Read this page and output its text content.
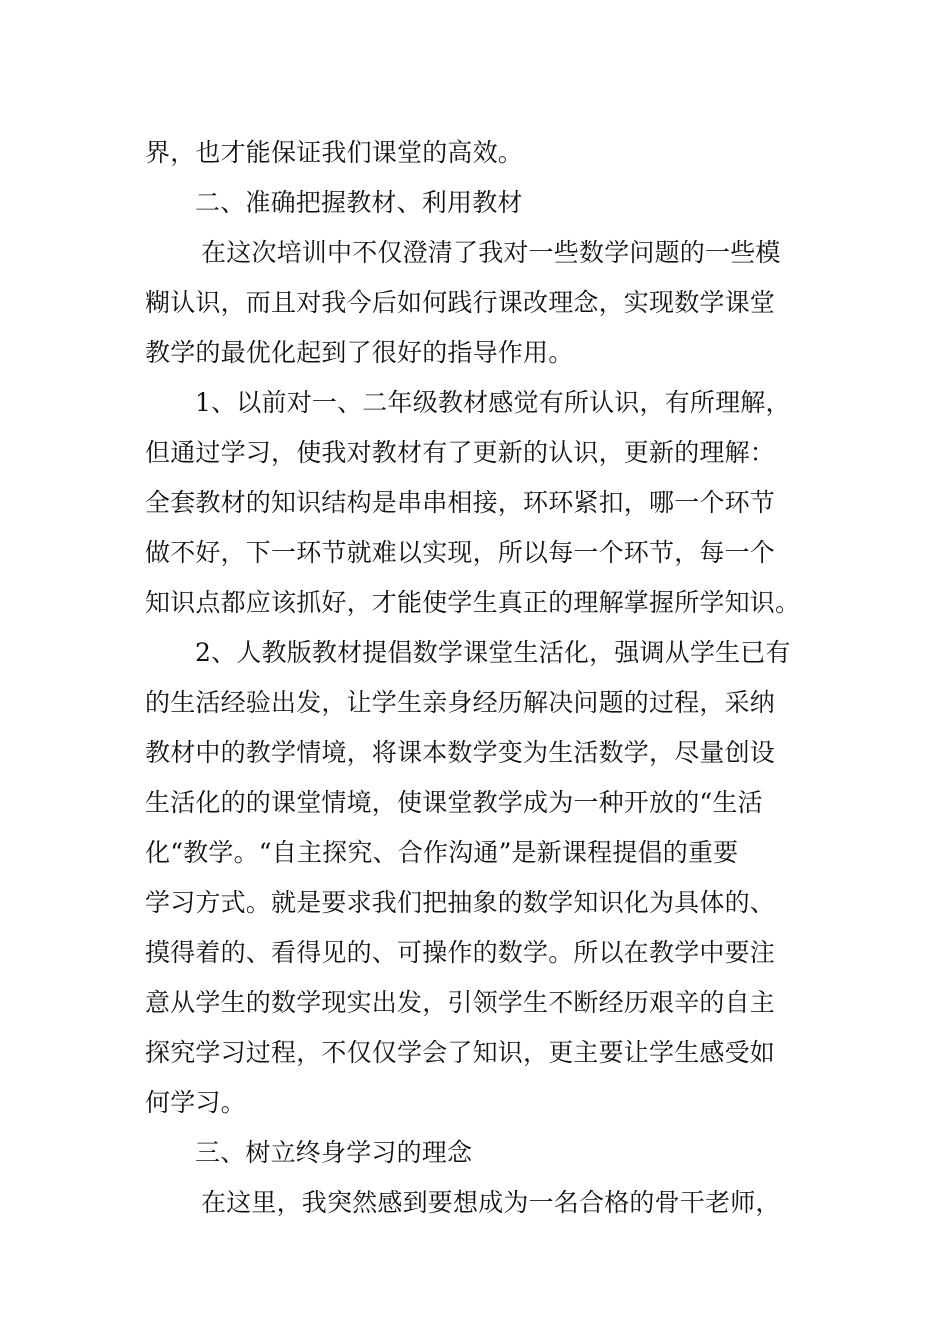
界，也才能保证我们课堂的高效。
二、准确把握教材、利用教材
在这次培训中不仅澄清了我对一些数学问题的一些模
糊认识，而且对我今后如何践行课改理念，实现数学课堂
教学的最优化起到了很好的指导作用。
1、以前对一、二年级教材感觉有所认识，有所理解，
但通过学习，使我对教材有了更新的认识，更新的理解：
全套教材的知识结构是串串相接，环环紧扣，哪一个环节
做不好，下一环节就难以实现，所以每一个环节，每一个
知识点都应该抓好，才能使学生真正的理解掌握所学知识。
2、人教版教材提倡数学课堂生活化，强调从学生已有
的生活经验出发，让学生亲身经历解决问题的过程，采纳
教材中的教学情境，将课本数学变为生活数学，尽量创设
生活化的的课堂情境，使课堂教学成为一种开放的“生活
化“教学。“自主探究、合作沟通”是新课程提倡的重要
学习方式。就是要求我们把抽象的数学知识化为具体的、
摸得着的、看得见的、可操作的数学。所以在教学中要注
意从学生的数学现实出发，引领学生不断经历艰辛的自主
探究学习过程，不仅仅学会了知识，更主要让学生感受如
何学习。
三、树立终身学习的理念
在这里，我突然感到要想成为一名合格的骨干老师，
